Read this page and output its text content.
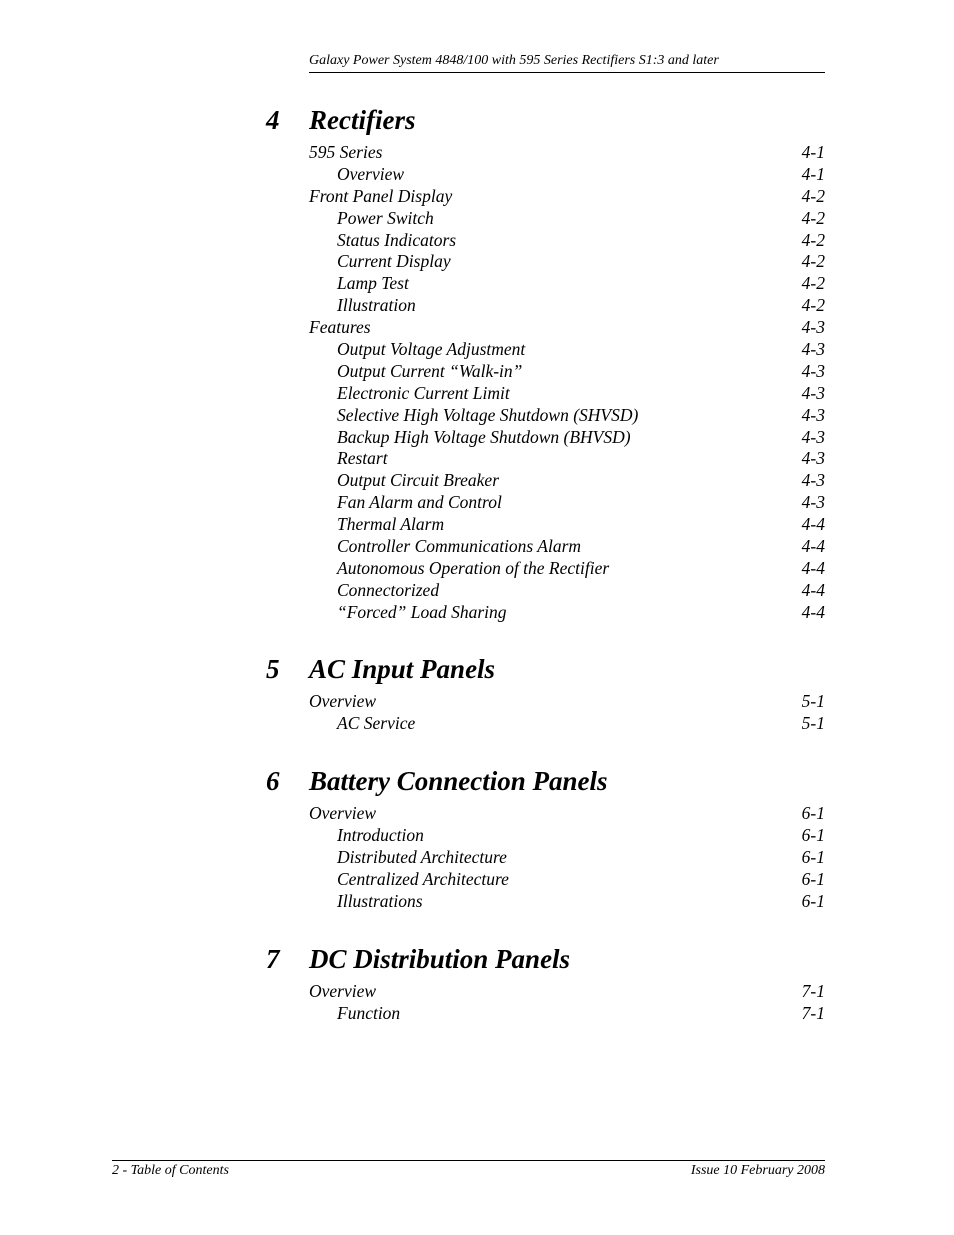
Galaxy Power System 4848/100 with 595 Series Rectifiers S1:3 and later
4 Rectifiers
595 Series	4-1
Overview	4-1
Front Panel Display	4-2
Power Switch	4-2
Status Indicators	4-2
Current Display	4-2
Lamp Test	4-2
Illustration	4-2
Features	4-3
Output Voltage Adjustment	4-3
Output Current “Walk-in”	4-3
Electronic Current Limit	4-3
Selective High Voltage Shutdown (SHVSD)	4-3
Backup High Voltage Shutdown (BHVSD)	4-3
Restart	4-3
Output Circuit Breaker	4-3
Fan Alarm and Control	4-3
Thermal Alarm	4-4
Controller Communications Alarm	4-4
Autonomous Operation of the Rectifier	4-4
Connectorized	4-4
“Forced” Load Sharing	4-4
5 AC Input Panels
Overview	5-1
AC Service	5-1
6 Battery Connection Panels
Overview	6-1
Introduction	6-1
Distributed Architecture	6-1
Centralized Architecture	6-1
Illustrations	6-1
7 DC Distribution Panels
Overview	7-1
Function	7-1
2 - Table of Contents	Issue 10 February 2008
